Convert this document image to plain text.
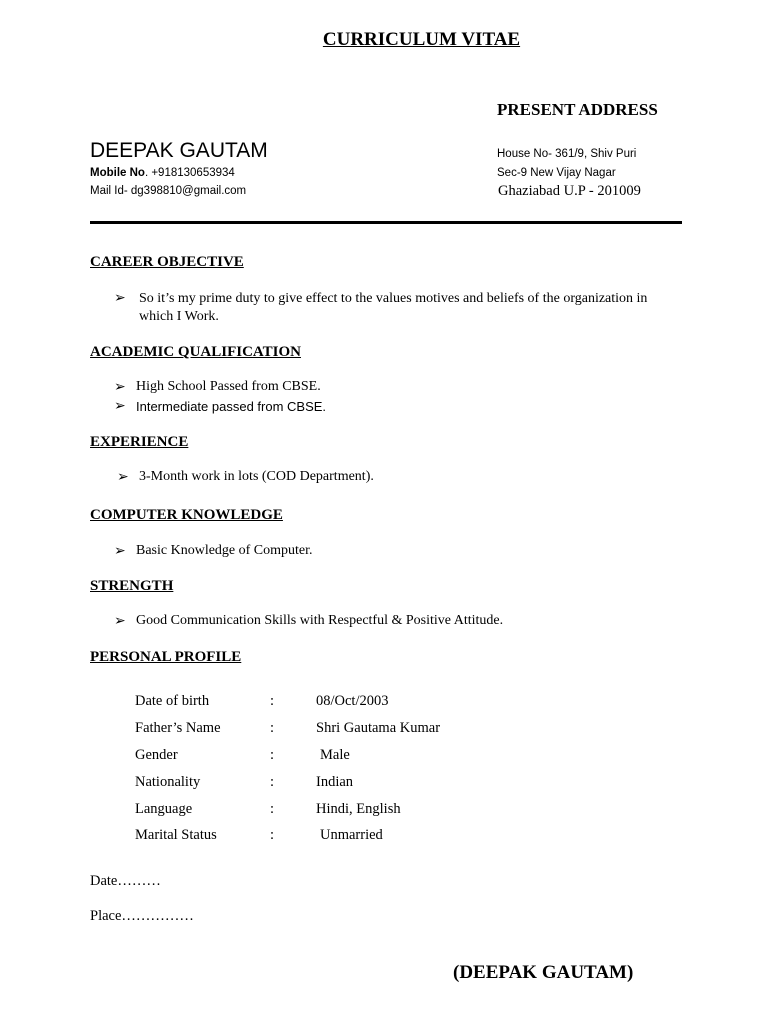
CURRICULUM VITAE
PRESENT ADDRESS
DEEPAK GAUTAM
Mobile No. +918130653934
Mail Id- dg398810@gmail.com
House No- 361/9, Shiv Puri
Sec-9 New Vijay Nagar
Ghaziabad U.P - 201009
CAREER OBJECTIVE
➢ So it’s my prime duty to give effect to the values motives and beliefs of the organization in which I Work.
ACADEMIC QUALIFICATION
➢ High School Passed from CBSE.
➢ Intermediate passed from CBSE.
EXPERIENCE
➢ 3-Month work in lots (COD Department).
COMPUTER KNOWLEDGE
➢ Basic Knowledge of Computer.
STRENGTH
➢ Good Communication Skills with Respectful & Positive Attitude.
PERSONAL PROFILE
Date of birth	:	08/Oct/2003
Father’s Name	:	Shri Gautama Kumar
Gender	:	Male
Nationality	:	Indian
Language	:	Hindi, English
Marital Status	:	Unmarried
Date………
Place……………
(DEEPAK GAUTAM)
